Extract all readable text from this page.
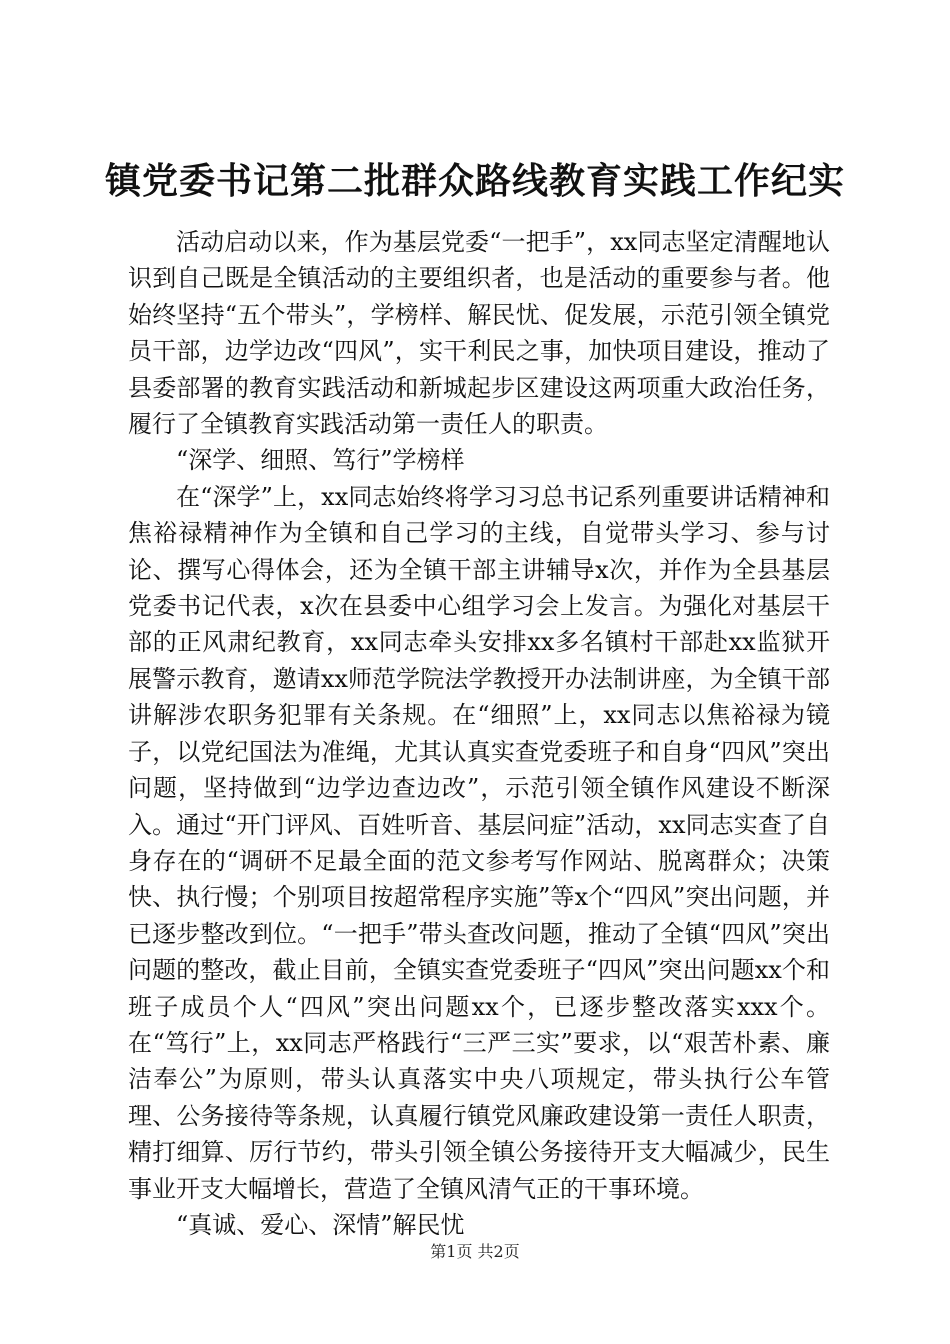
镇党委书记第二批群众路线教育实践工作纪实

活动启动以来，作为基层党委“一把手”，xx同志坚定清醒地认识到自己既是全镇活动的主要组织者，也是活动的重要参与者。他始终坚持“五个带头”，学榜样、解民忧、促发展，示范引领全镇党员干部，边学边改“四风”，实干利民之事，加快项目建设，推动了县委部署的教育实践活动和新城起步区建设这两项重大政治任务，履行了全镇教育实践活动第一责任人的职责。

“深学、细照、笃行”学榜样

在“深学”上，xx同志始终将学习习总书记系列重要讲话精神和焦裕禄精神作为全镇和自己学习的主线，自觉带头学习、参与讨论、撰写心得体会，还为全镇干部主讲辅导x次，并作为全县基层党委书记代表，x次在县委中心组学习会上发言。为强化对基层干部的正风肃纪教育，xx同志牵头安排xx多名镇村干部赴xx监狱开展警示教育，邀请xx师范学院法学教授开办法制讲座，为全镇干部讲解涉农职务犯罪有关条规。在“细照”上，xx同志以焦裕禄为镜子，以党纪国法为准绳，尤其认真实查党委班子和自身“四风”突出问题，坚持做到“边学边查边改”，示范引领全镇作风建设不断深入。通过“开门评风、百姓听音、基层问症”活动，xx同志实查了自身存在的“调研不足最全面的范文参考写作网站、脱离群众；决策快、执行慢；个别项目按超常程序实施”等x个“四风”突出问题，并已逐步整改到位。“一把手”带头查改问题，推动了全镇“四风”突出问题的整改，截止目前，全镇实查党委班子“四风”突出问题xx个和班子成员个人“四风”突出问题xx个，已逐步整改落实xxx个。在“笃行”上，xx同志严格践行“三严三实”要求，以“艰苦朴素、廉洁奉公”为原则，带头认真落实中央八项规定，带头执行公车管理、公务接待等条规，认真履行镇党风廉政建设第一责任人职责，精打细算、厉行节约，带头引领全镇公务接待开支大幅减少，民生事业开支大幅增长，营造了全镇风清气正的干事环境。

“真诚、爱心、深情”解民忧

第1页 共2页
